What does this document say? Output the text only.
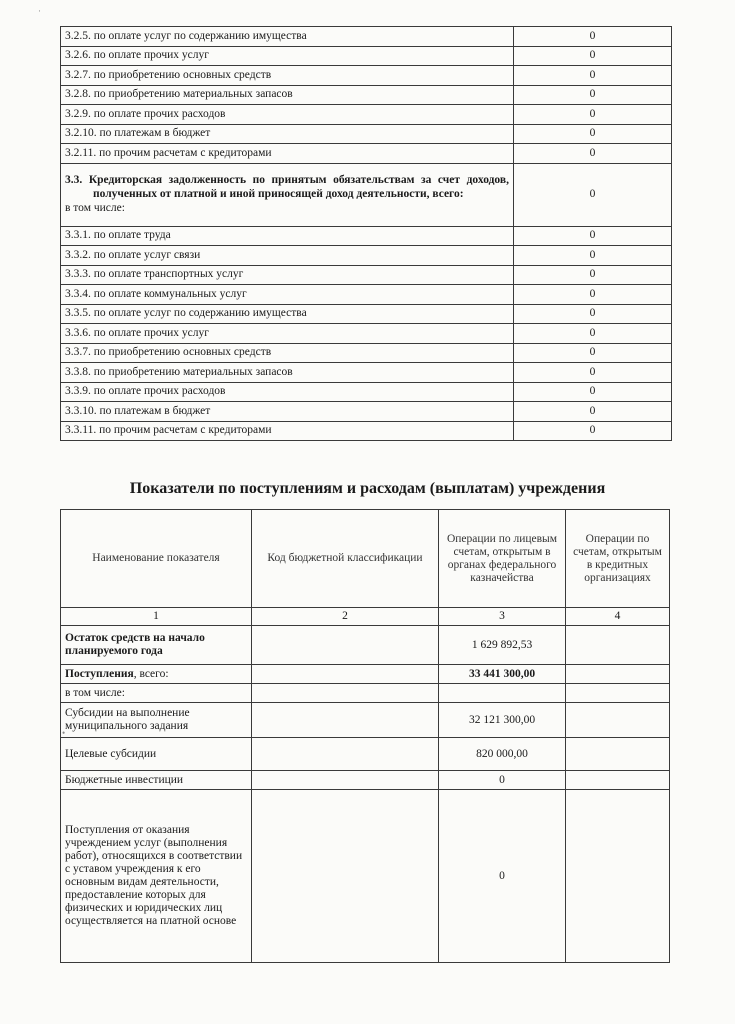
3.2.5. по оплате услуг по содержанию имущества	0
3.2.6. по оплате прочих услуг	0
3.2.7. по приобретению основных средств	0
3.2.8. по приобретению материальных запасов	0
3.2.9. по оплате прочих расходов	0
3.2.10. по платежам в бюджет	0
3.2.11. по прочим расчетам с кредиторами	0

3.3. Кредиторская задолженность по принятым обязательствам за счет доходов, полученных от платной и иной приносящей доход деятельности, всего:
в том числе:	0
3.3.1. по оплате труда	0
3.3.2. по оплате услуг связи	0
3.3.3. по оплате транспортных услуг	0
3.3.4. по оплате коммунальных услуг	0
3.3.5. по оплате услуг по содержанию имущества	0
3.3.6. по оплате прочих услуг	0
3.3.7. по приобретению основных средств	0
3.3.8. по приобретению материальных запасов	0
3.3.9. по оплате прочих расходов	0
3.3.10. по платежам в бюджет	0
3.3.11. по прочим расчетам с кредиторами	0
Показатели по поступлениям и расходам (выплатам) учреждения
Наименование показателя	Код бюджетной классификации	Операции по лицевым счетам, открытым в органах федерального казначейства	Операции по счетам, открытым в кредитных организациях
1	2	3	4
Остаток средств на начало планируемого года		1 629 892,53	
Поступления, всего:		33 441 300,00	
в том числе:			
Субсидии на выполнение муниципального задания		32 121 300,00	
Целевые субсидии		820 000,00	
Бюджетные инвестиции		0	
Поступления от оказания учреждением услуг (выполнения работ), относящихся в соответствии с уставом учреждения к его основным видам деятельности, предоставление которых для физических и юридических лиц осуществляется на платной основе		0	
·
•
